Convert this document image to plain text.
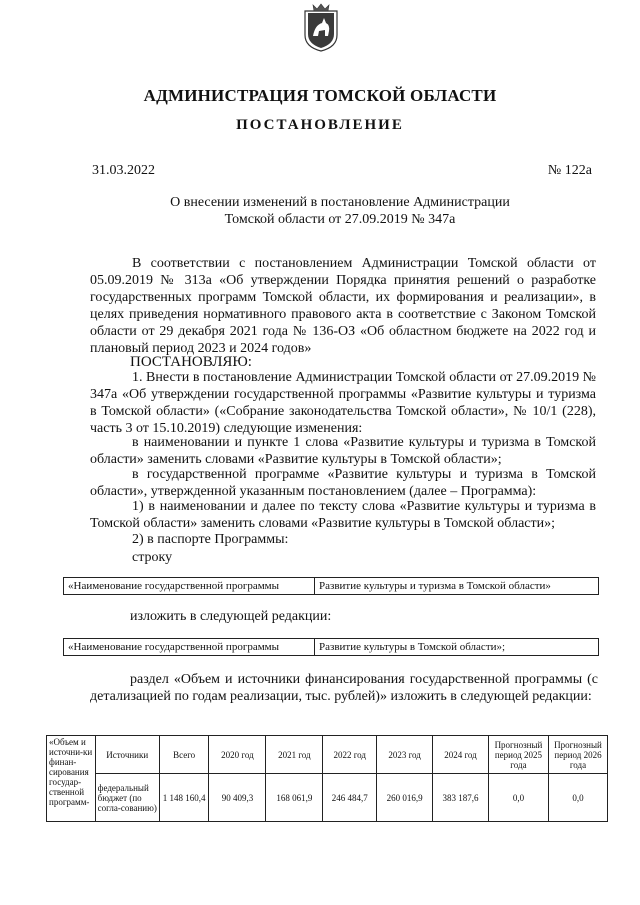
АДМИНИСТРАЦИЯ ТОМСКОЙ ОБЛАСТИ
ПОСТАНОВЛЕНИЕ
31.03.2022	№ 122а
О внесении изменений в постановление Администрации
Томской области от 27.09.2019 № 347а
В соответствии с постановлением Администрации Томской области от 05.09.2019 № 313а «Об утверждении Порядка принятия решений о разработке государственных программ Томской области, их формирования и реализации», в целях приведения нормативного правового акта в соответствие с Законом Томской области от 29 декабря 2021 года № 136-ОЗ «Об областном бюджете на 2022 год и плановый период 2023 и 2024 годов»
ПОСТАНОВЛЯЮ:
1. Внести в постановление Администрации Томской области от 27.09.2019 № 347а «Об утверждении государственной программы «Развитие культуры и туризма в Томской области» («Собрание законодательства Томской области», № 10/1 (228), часть 3 от 15.10.2019) следующие изменения:
в наименовании и пункте 1 слова «Развитие культуры и туризма в Томской области» заменить словами «Развитие культуры в Томской области»;
в государственной программе «Развитие культуры и туризма в Томской области», утвержденной указанным постановлением (далее – Программа):
1) в наименовании и далее по тексту слова «Развитие культуры и туризма в Томской области» заменить словами «Развитие культуры в Томской области»;
2) в паспорте Программы:
строку
«Наименование государственной программы	Развитие культуры и туризма в Томской области»
изложить в следующей редакции:
«Наименование государственной программы	Развитие культуры в Томской области»;
раздел «Объем и источники финансирования государственной программы (с детализацией по годам реализации, тыс. рублей)» изложить в следующей редакции:
«Объем и источни-ки финан-сирования государ-ственной программ-	Источники	Всего	2020 год	2021 год	2022 год	2023 год	2024 год	Прогнозный период 2025 года	Прогнозный период 2026 года
	федеральный бюджет (по согла-сованию)	1 148 160,4	90 409,3	168 061,9	246 484,7	260 016,9	383 187,6	0,0	0,0
